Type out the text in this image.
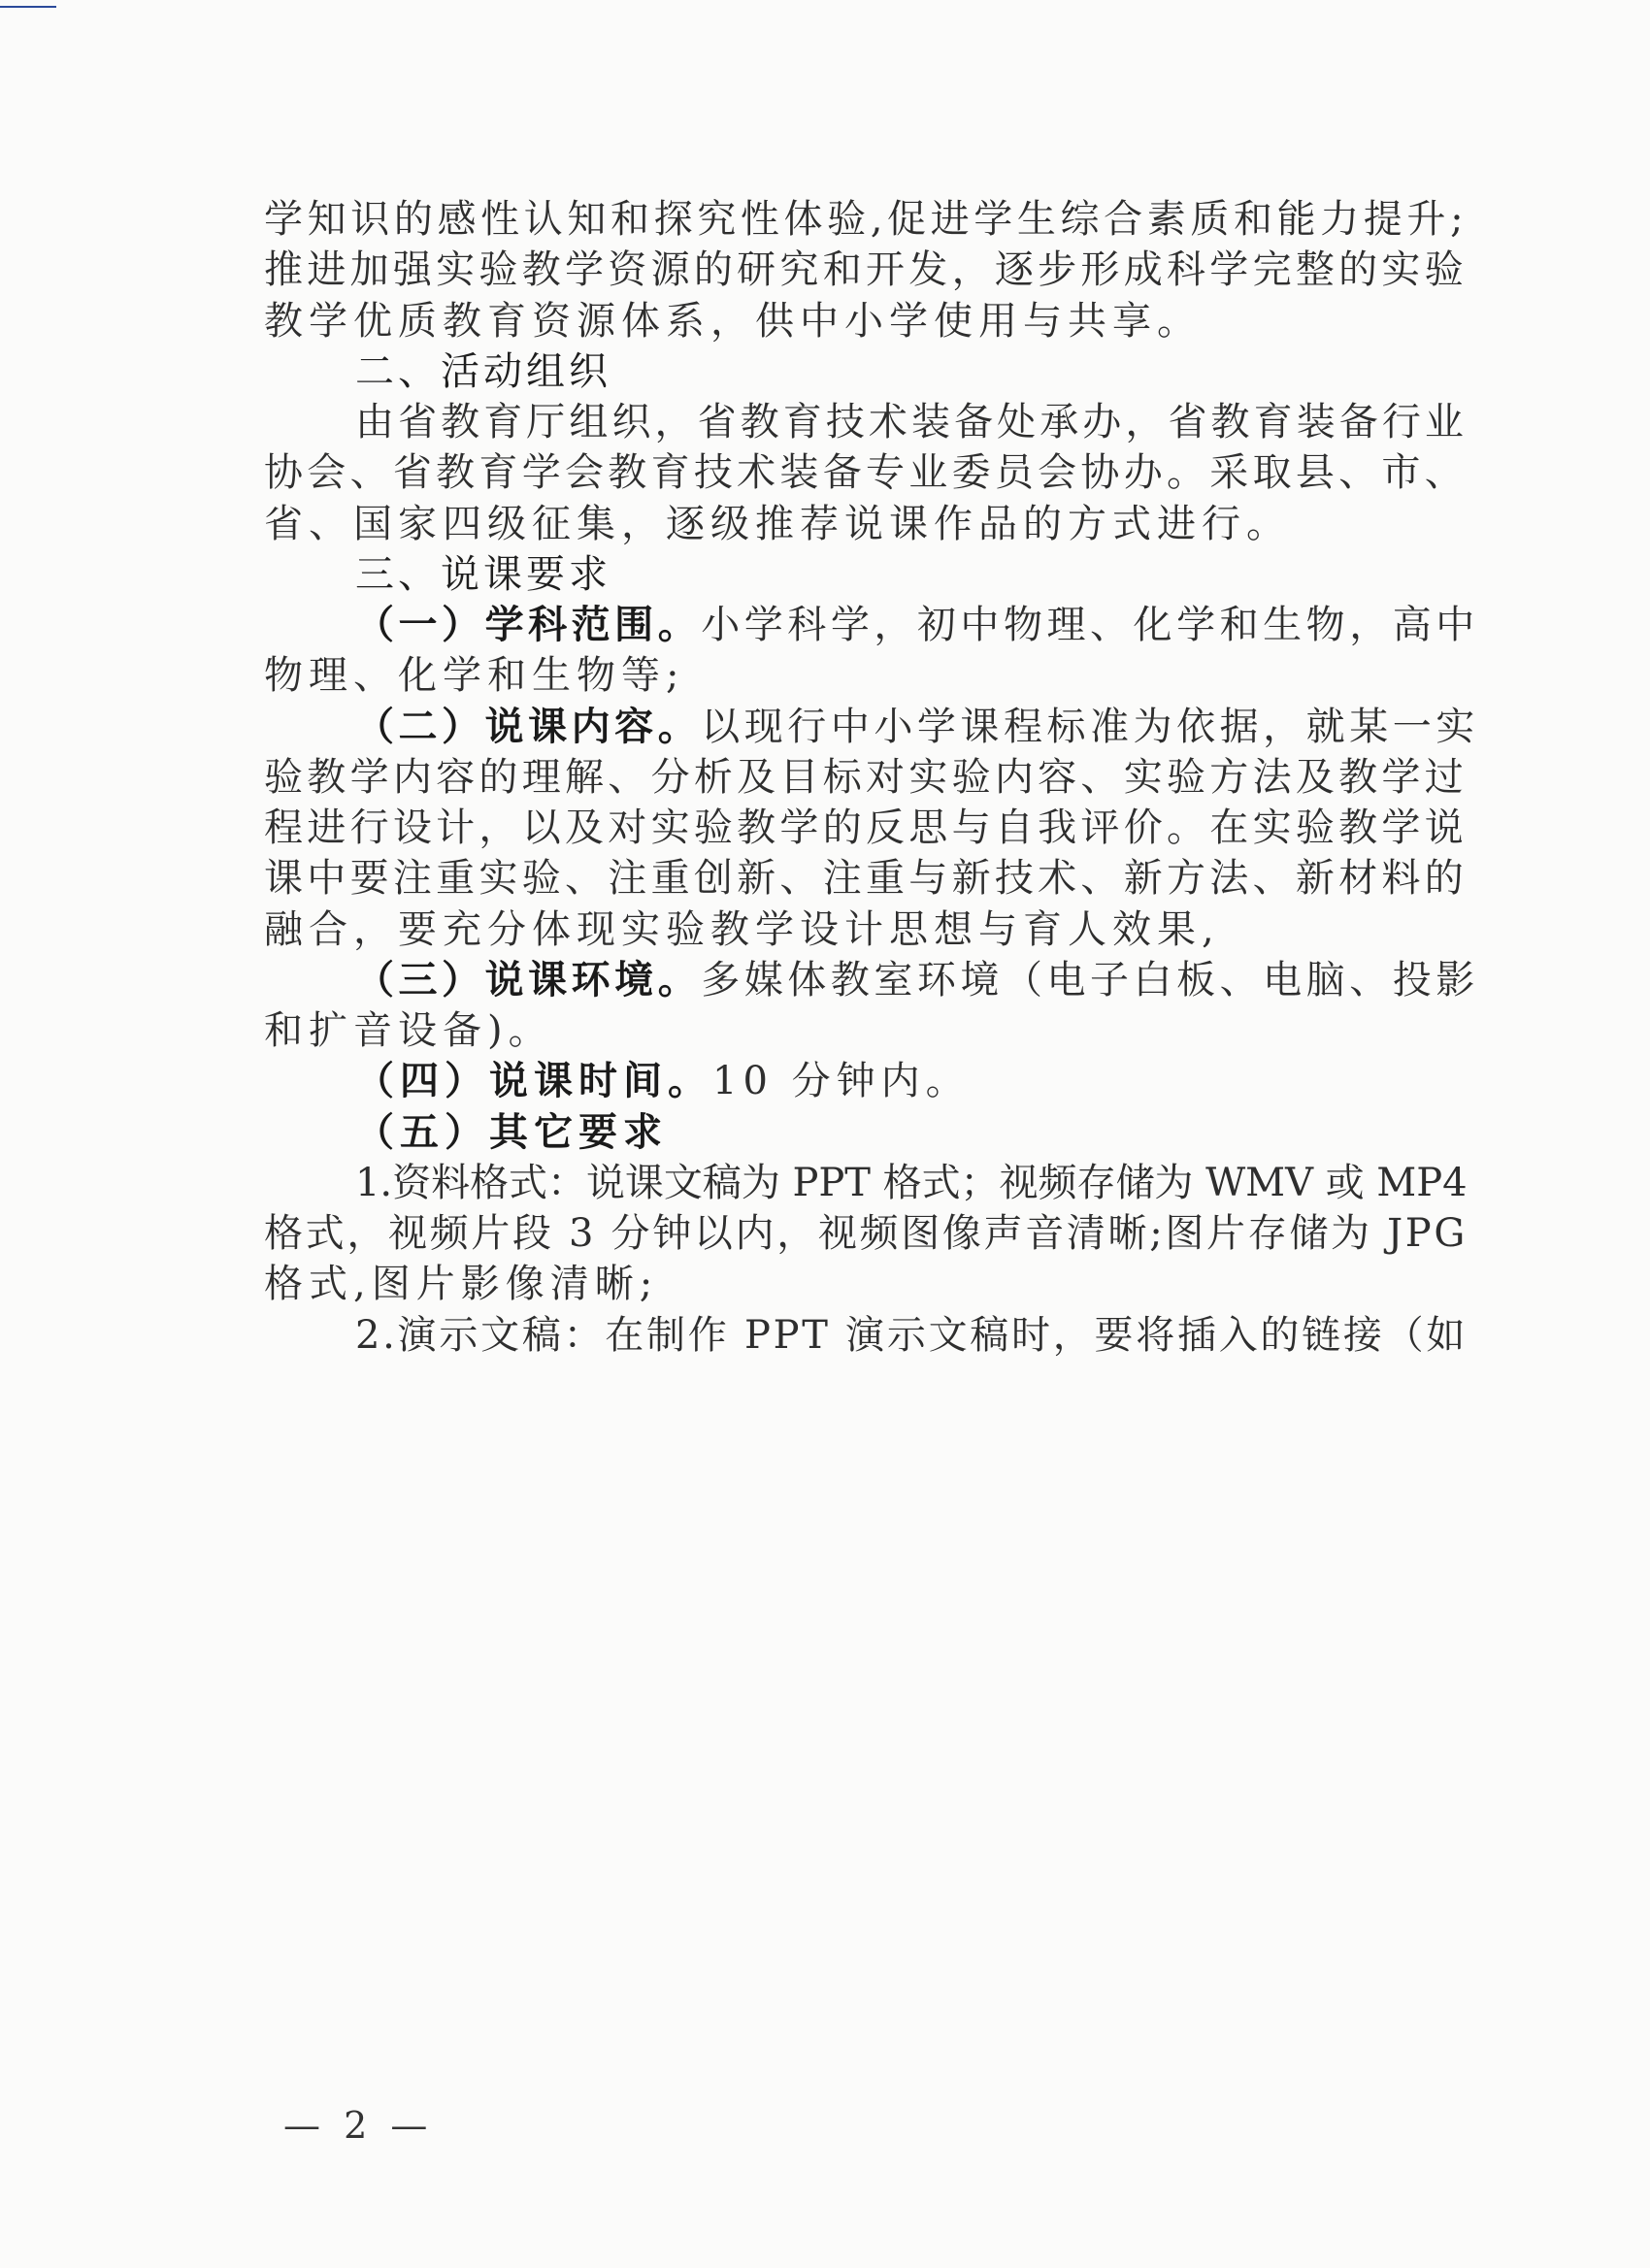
学知识的感性认知和探究性体验,促进学生综合素质和能力提升;
推进加强实验教学资源的研究和开发，逐步形成科学完整的实验
教学优质教育资源体系，供中小学使用与共享。
二、活动组织
由省教育厅组织，省教育技术装备处承办，省教育装备行业
协会、省教育学会教育技术装备专业委员会协办。采取县、市、
省、国家四级征集，逐级推荐说课作品的方式进行。
三、说课要求
（一）学科范围。小学科学，初中物理、化学和生物，高中
物理、化学和生物等;
（二）说课内容。以现行中小学课程标准为依据，就某一实
验教学内容的理解、分析及目标对实验内容、实验方法及教学过
程进行设计，以及对实验教学的反思与自我评价。在实验教学说
课中要注重实验、注重创新、注重与新技术、新方法、新材料的
融合，要充分体现实验教学设计思想与育人效果,
（三）说课环境。多媒体教室环境（电子白板、电脑、投影
和扩音设备)。
（四）说课时间。10 分钟内。
（五）其它要求
1.资料格式：说课文稿为 PPT 格式；视频存储为 WMV 或 MP4
格式，视频片段 3 分钟以内，视频图像声音清晰;图片存储为 JPG
格式,图片影像清晰;
2.演示文稿：在制作 PPT 演示文稿时，要将插入的链接（如
— 2 —
